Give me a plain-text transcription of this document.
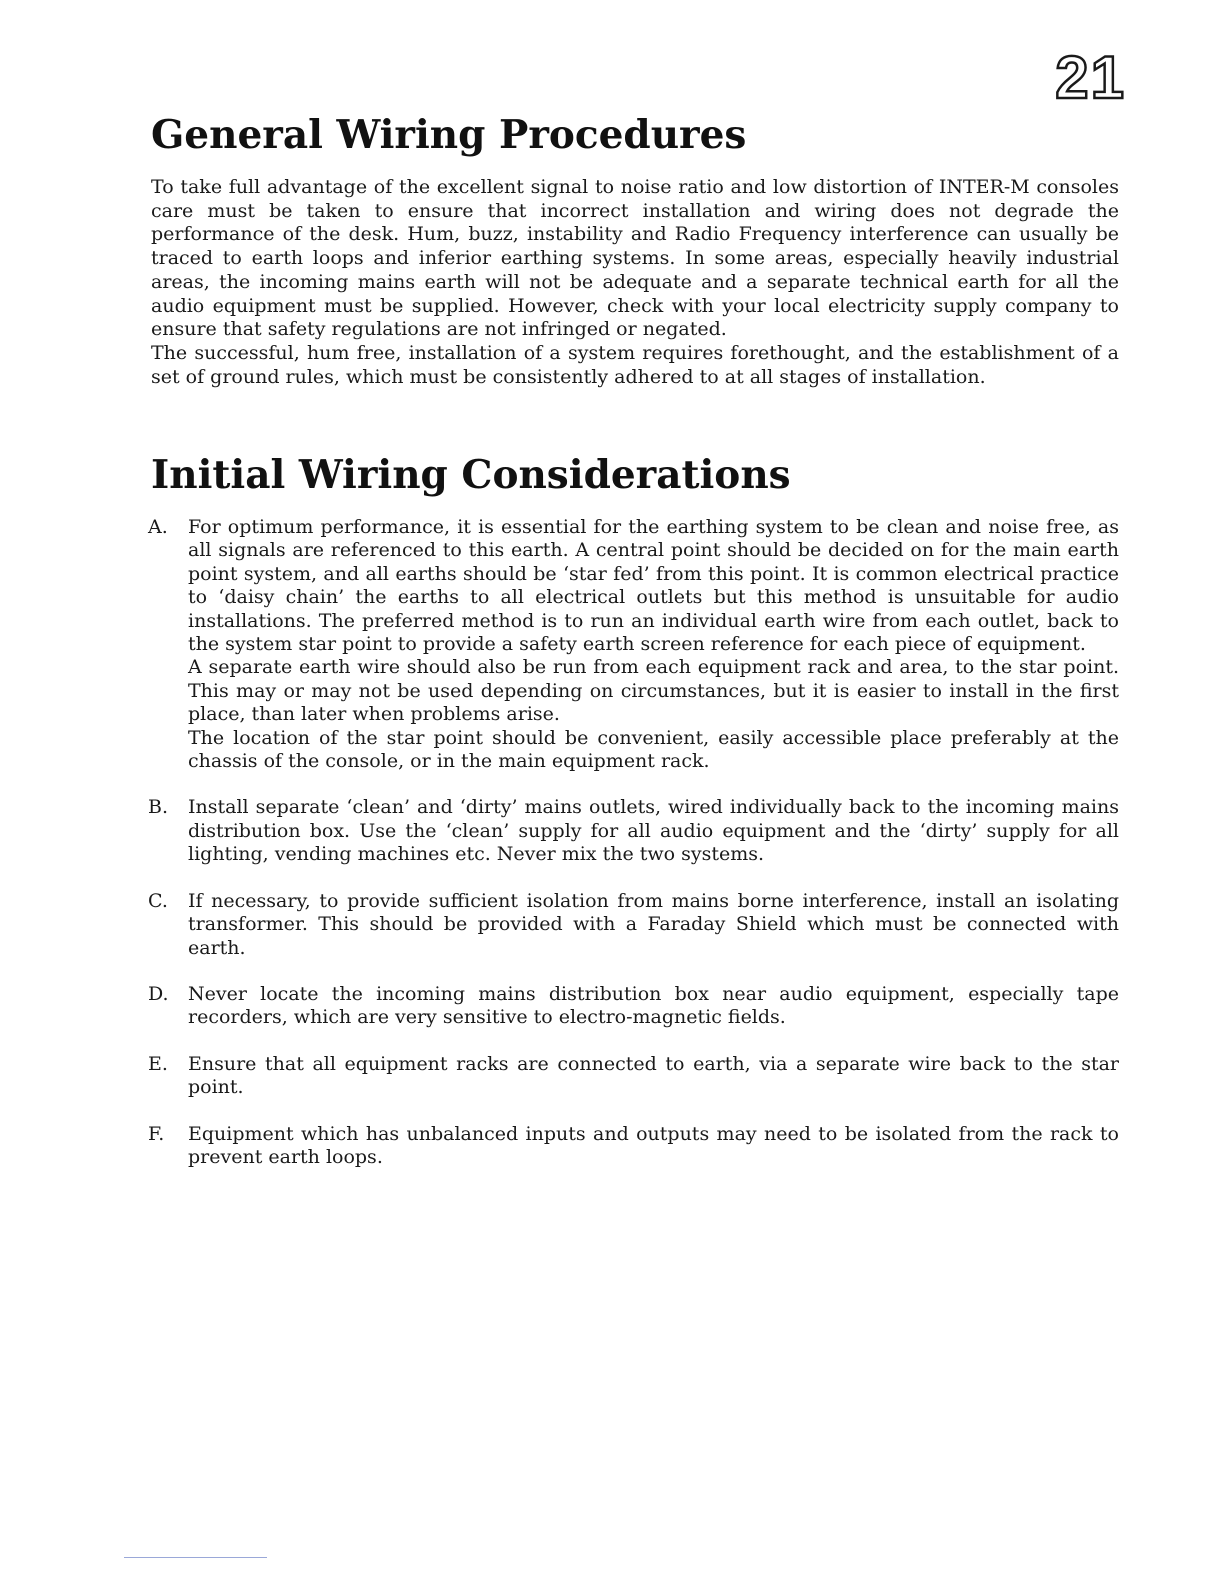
21
General Wiring Procedures

To take full advantage of the excellent signal to noise ratio and low distortion of INTER-M consoles care must be taken to ensure that incorrect installation and wiring does not degrade the performance of the desk. Hum, buzz, instability and Radio Frequency interference can usually be traced to earth loops and inferior earthing systems. In some areas, especially heavily industrial areas, the incoming mains earth will not be adequate and a separate technical earth for all the audio equipment must be supplied. However, check with your local electricity supply company to ensure that safety regulations are not infringed or negated.

The successful, hum free, installation of a system requires forethought, and the establishment of a set of ground rules, which must be consistently adhered to at all stages of installation.

Initial Wiring Considerations
A. For optimum performance, it is essential for the earthing system to be clean and noise free, as all signals are referenced to this earth. A central point should be decided on for the main earth point system, and all earths should be ‘star fed’ from this point. It is common electrical practice to ‘daisy chain’ the earths to all electrical outlets but this method is unsuitable for audio installations. The preferred method is to run an individual earth wire from each outlet, back to the system star point to provide a safety earth screen reference for each piece of equipment.

A separate earth wire should also be run from each equipment rack and area, to the star point. This may or may not be used depending on circumstances, but it is easier to install in the first place, than later when problems arise.

The location of the star point should be convenient, easily accessible place preferably at the chassis of the console, or in the main equipment rack.

B. Install separate ‘clean’ and ‘dirty’ mains outlets, wired individually back to the incoming mains distribution box. Use the ‘clean’ supply for all audio equipment and the ‘dirty’ supply for all lighting, vending machines etc. Never mix the two systems.

C. If necessary, to provide sufficient isolation from mains borne interference, install an isolating transformer. This should be provided with a Faraday Shield which must be connected with earth.

D. Never locate the incoming mains distribution box near audio equipment, especially tape recorders, which are very sensitive to electro-magnetic fields.

E. Ensure that all equipment racks are connected to earth, via a separate wire back to the star point.

F. Equipment which has unbalanced inputs and outputs may need to be isolated from the rack to prevent earth loops.
